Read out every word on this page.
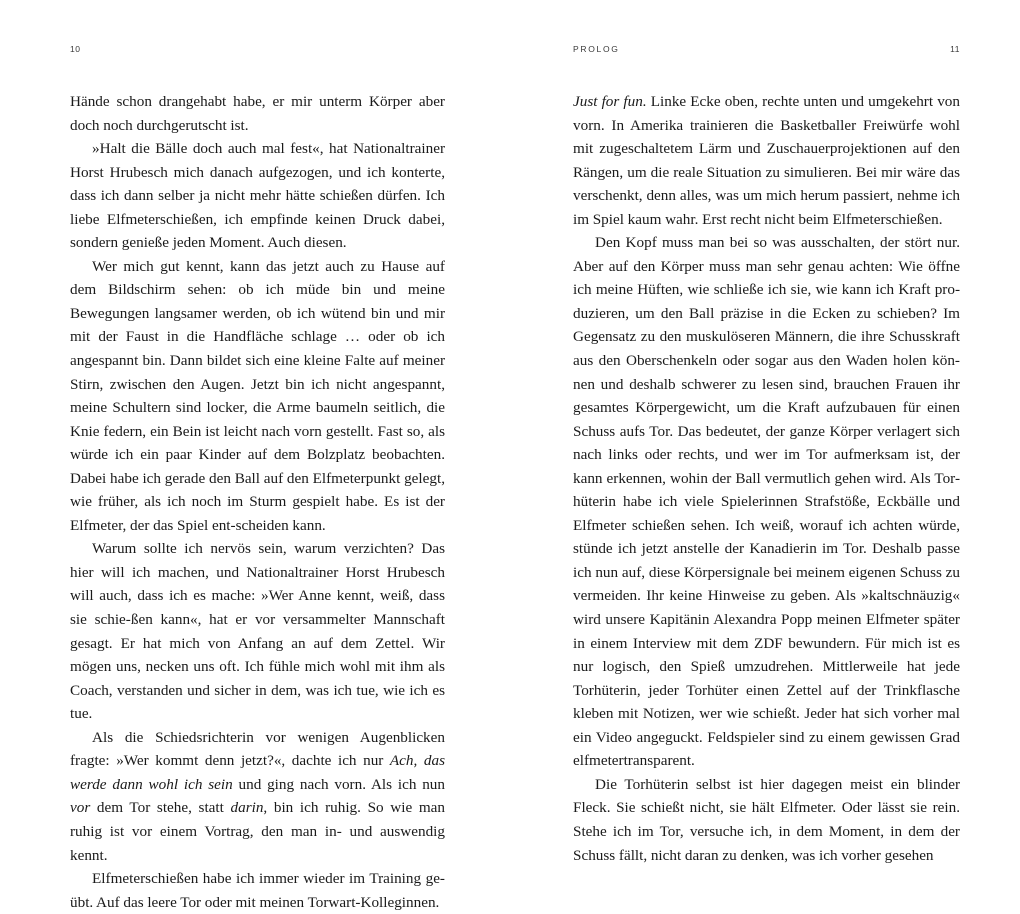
10

Hände schon drangehabt habe, er mir unterm Körper aber doch noch durchgerutscht ist.

»Halt die Bälle doch auch mal fest«, hat Nationaltrainer Horst Hrubesch mich danach aufgezogen, und ich konterte, dass ich dann selber ja nicht mehr hätte schießen dürfen. Ich liebe Elfmeterschießen, ich empfinde keinen Druck dabei, sondern genieße jeden Moment. Auch diesen.

Wer mich gut kennt, kann das jetzt auch zu Hause auf dem Bildschirm sehen: ob ich müde bin und meine Bewegungen langsamer werden, ob ich wütend bin und mir mit der Faust in die Handfläche schlage … oder ob ich angespannt bin. Dann bildet sich eine kleine Falte auf meiner Stirn, zwischen den Augen. Jetzt bin ich nicht angespannt, meine Schultern sind locker, die Arme baumeln seitlich, die Knie federn, ein Bein ist leicht nach vorn gestellt. Fast so, als würde ich ein paar Kinder auf dem Bolzplatz beobachten. Dabei habe ich gerade den Ball auf den Elfmeterpunkt gelegt, wie früher, als ich noch im Sturm gespielt habe. Es ist der Elfmeter, der das Spiel ent-scheiden kann.

Warum sollte ich nervös sein, warum verzichten? Das hier will ich machen, und Nationaltrainer Horst Hrubesch will auch, dass ich es mache: »Wer Anne kennt, weiß, dass sie schie-ßen kann«, hat er vor versammelter Mannschaft gesagt. Er hat mich von Anfang an auf dem Zettel. Wir mögen uns, necken uns oft. Ich fühle mich wohl mit ihm als Coach, verstanden und sicher in dem, was ich tue, wie ich es tue.

Als die Schiedsrichterin vor wenigen Augenblicken fragte: »Wer kommt denn jetzt?«, dachte ich nur Ach, das werde dann wohl ich sein und ging nach vorn. Als ich nun vor dem Tor stehe, statt darin, bin ich ruhig. So wie man ruhig ist vor einem Vortrag, den man in- und auswendig kennt.

Elfmeterschießen habe ich immer wieder im Training ge-übt. Auf das leere Tor oder mit meinen Torwart-Kolleginnen.

PROLOG	11

Just for fun. Linke Ecke oben, rechte unten und umgekehrt von vorn. In Amerika trainieren die Basketballer Freiwürfe wohl mit zugeschaltetem Lärm und Zuschauerprojektionen auf den Rängen, um die reale Situation zu simulieren. Bei mir wäre das verschenkt, denn alles, was um mich herum passiert, nehme ich im Spiel kaum wahr. Erst recht nicht beim Elfmeterschießen.

Den Kopf muss man bei so was ausschalten, der stört nur. Aber auf den Körper muss man sehr genau achten: Wie öffne ich meine Hüften, wie schließe ich sie, wie kann ich Kraft pro-duzieren, um den Ball präzise in die Ecken zu schieben? Im Gegensatz zu den muskulöseren Männern, die ihre Schusskraft aus den Oberschenkeln oder sogar aus den Waden holen kön-nen und deshalb schwerer zu lesen sind, brauchen Frauen ihr gesamtes Körpergewicht, um die Kraft aufzubauen für einen Schuss aufs Tor. Das bedeutet, der ganze Körper verlagert sich nach links oder rechts, und wer im Tor aufmerksam ist, der kann erkennen, wohin der Ball vermutlich gehen wird. Als Tor-hüterin habe ich viele Spielerinnen Strafstöße, Eckbälle und Elfmeter schießen sehen. Ich weiß, worauf ich achten würde, stünde ich jetzt anstelle der Kanadierin im Tor. Deshalb passe ich nun auf, diese Körpersignale bei meinem eigenen Schuss zu vermeiden. Ihr keine Hinweise zu geben. Als »kaltschnäuzig« wird unsere Kapitänin Alexandra Popp meinen Elfmeter später in einem Interview mit dem ZDF bewundern. Für mich ist es nur logisch, den Spieß umzudrehen. Mittlerweile hat jede Torhüterin, jeder Torhüter einen Zettel auf der Trinkflasche kleben mit Notizen, wer wie schießt. Jeder hat sich vorher mal ein Video angeguckt. Feldspieler sind zu einem gewissen Grad elfmetertransparent.

Die Torhüterin selbst ist hier dagegen meist ein blinder Fleck. Sie schießt nicht, sie hält Elfmeter. Oder lässt sie rein. Stehe ich im Tor, versuche ich, in dem Moment, in dem der Schuss fällt, nicht daran zu denken, was ich vorher gesehen
